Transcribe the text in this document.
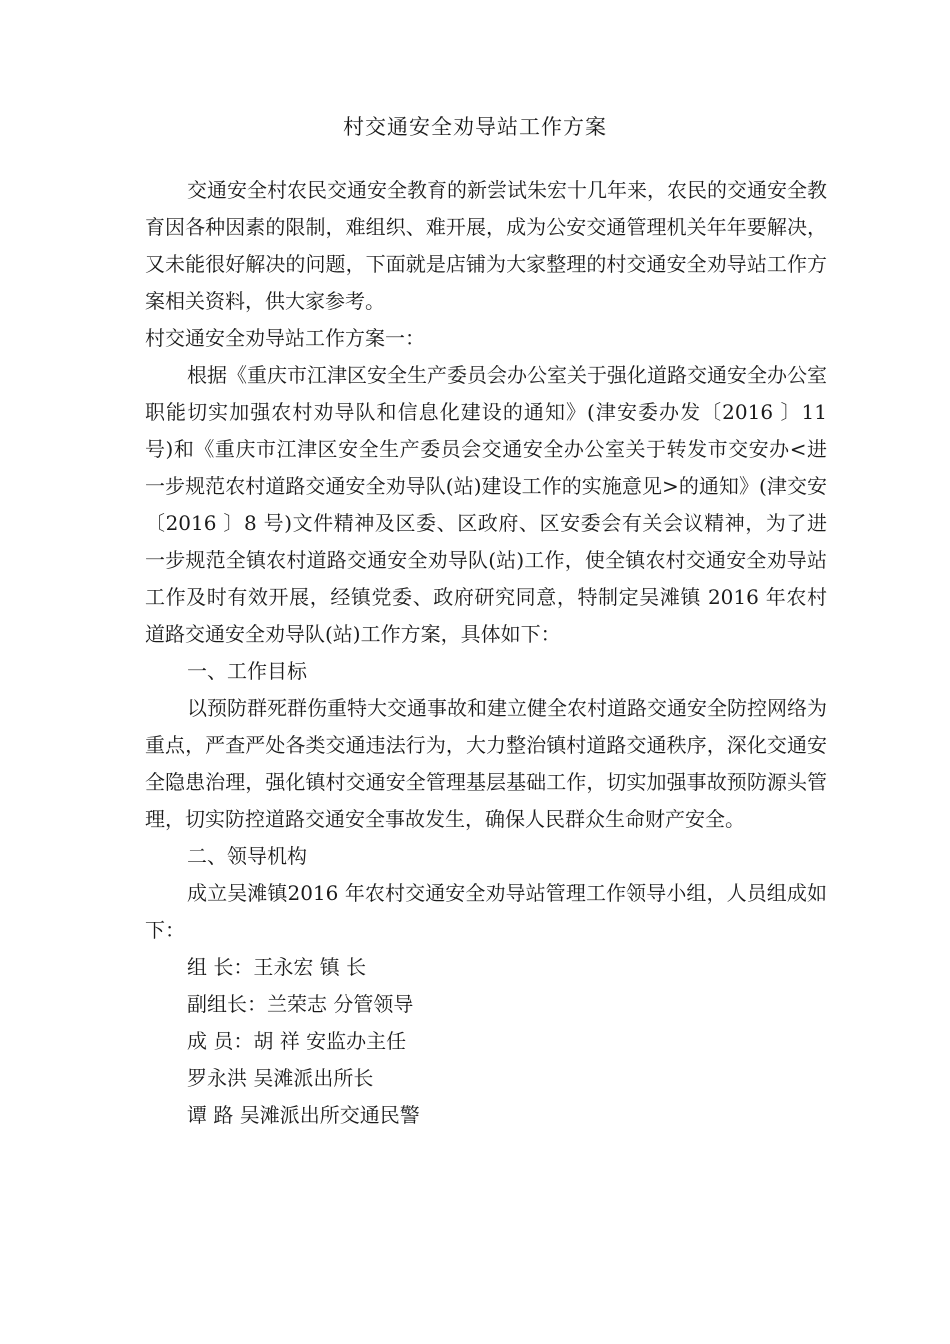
村交通安全劝导站工作方案

交通安全村农民交通安全教育的新尝试朱宏十几年来，农民的交通安全教育因各种因素的限制，难组织、难开展，成为公安交通管理机关年年要解决，又未能很好解决的问题，下面就是店铺为大家整理的村交通安全劝导站工作方案相关资料，供大家参考。

村交通安全劝导站工作方案一：

根据《重庆市江津区安全生产委员会办公室关于强化道路交通安全办公室职能切实加强农村劝导队和信息化建设的通知》(津安委办发〔2016 〕11 号)和《重庆市江津区安全生产委员会交通安全办公室关于转发市交安办<进一步规范农村道路交通安全劝导队(站)建设工作的实施意见>的通知》(津交安〔2016 〕8 号)文件精神及区委、区政府、区安委会有关会议精神，为了进一步规范全镇农村道路交通安全劝导队(站)工作，使全镇农村交通安全劝导站工作及时有效开展，经镇党委、政府研究同意，特制定吴滩镇 2016 年农村道路交通安全劝导队(站)工作方案，具体如下：

一、工作目标

以预防群死群伤重特大交通事故和建立健全农村道路交通安全防控网络为重点，严查严处各类交通违法行为，大力整治镇村道路交通秩序，深化交通安全隐患治理，强化镇村交通安全管理基层基础工作，切实加强事故预防源头管理，切实防控道路交通安全事故发生，确保人民群众生命财产安全。

二、领导机构

成立吴滩镇2016 年农村交通安全劝导站管理工作领导小组，人员组成如下：

组 长：王永宏 镇 长

副组长：兰荣志 分管领导

成 员：胡 祥 安监办主任

罗永洪 吴滩派出所长

谭 路 吴滩派出所交通民警
